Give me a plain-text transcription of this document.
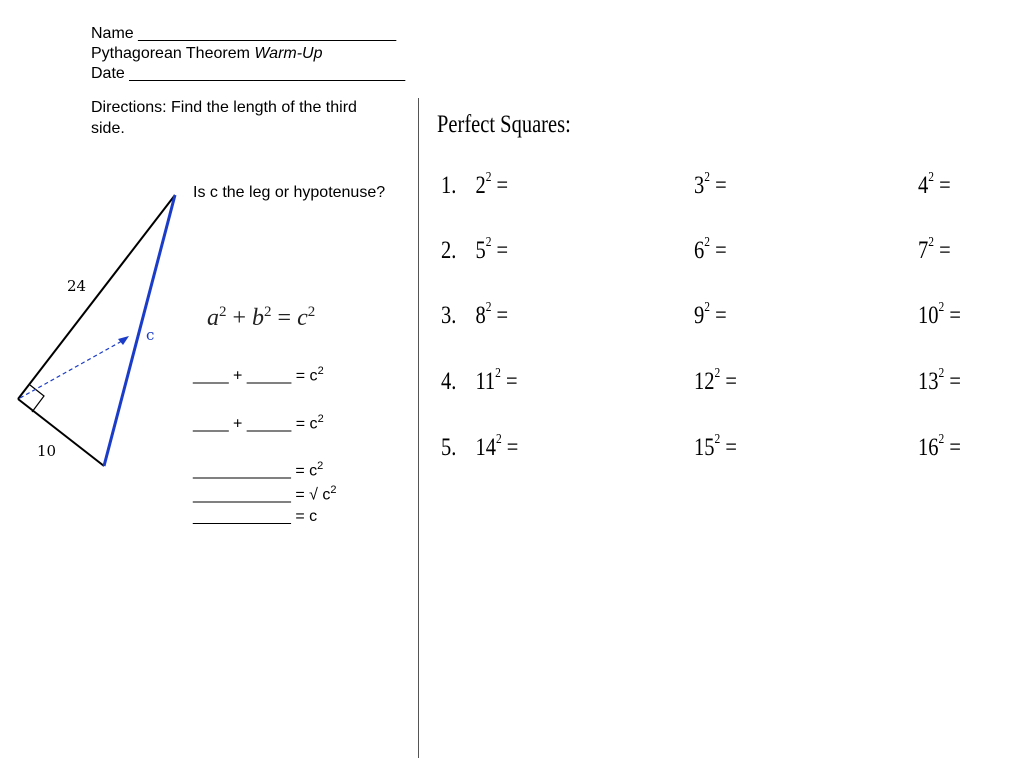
Name _____________________________
Pythagorean Theorem Warm-Up
Date _______________________________
Directions: Find the length of the third
side.
Is c the leg or hypotenuse?
24
10
c
$a^2 + b^2 = c^2$
____ + _____ = $c^2$
____ + _____ = $c^2$
___________ = $c^2$
___________ = √ $c^2$
___________ = c
Perfect Squares:
1. $2^2$ =	$3^2$ =	$4^2$ =
2. $5^2$ =	$6^2$ =	$7^2$ =
3. $8^2$ =	$9^2$ =	$10^2$ =
4. $11^2$ =	$12^2$ =	$13^2$ =
5. $14^2$ =	$15^2$ =	$16^2$ =
